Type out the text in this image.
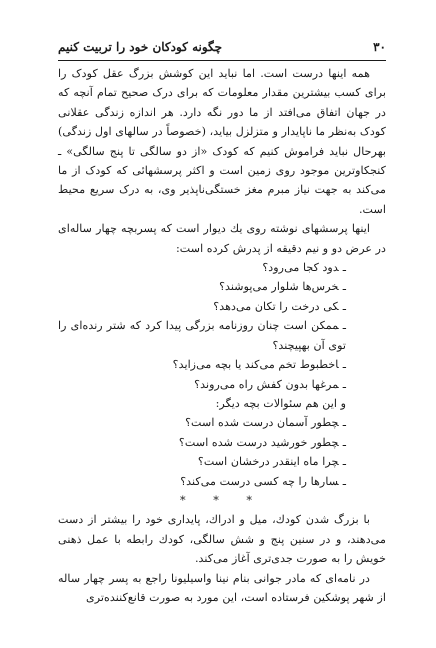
۳۰
چگونه کودکان خود را تربیت کنیم

همه اینها درست است. اما نباید این کوشش بزرگ عقل کودک را برای کسب بیشترین مقدار معلومات که برای درک صحیح تمام آنچه که در جهان اتفاق می‌افتد از ما دور نگه دارد. هر اندازه زندگی عقلانی کودک به‌نظر ما ناپایدار و متزلزل بیاید، (خصوصاً در سالهای اول زندگی) بهرحال نباید فراموش کنیم که کودک «از دو سالگی تا پنج سالگی» ـ کنجکاوترین موجود روی زمین است و اکثر پرسشهائی که کودک از ما می‌کند به جهت نیاز مبرم مغز خستگی‌ناپذیر وی، به درک سریع محیط است.

اینها پرسشهای نوشته روی یك دیوار است که پسربچه چهار ساله‌ای در عرض دو و نیم دقیقه از پدرش کرده است:

ـدود کجا می‌رود؟

ـخرس‌ها شلوار می‌پوشند؟

ـکی درخت را تکان می‌دهد؟

ـممکن است چنان روزنامه بزرگی پیدا کرد که شتر رنده‌ای را توی آن بهپیچند؟

ـاخطبوط تخم می‌کند یا بچه می‌زاید؟

ـمرغها بدون کفش راه می‌روند؟

و این هم سئوالات بچه دیگر:

ـچطور آسمان درست شده است؟

ـچطور خورشید درست شده است؟

ـچرا ماه اینقدر درخشان است؟

ـسار‌ها را چه کسی درست می‌کند؟

* * *

با بزرگ شدن کودك، میل و ادراك، پایداری خود را بیشتر از دست می‌دهند، و در سنین پنج و شش سالگی، کودك رابطه با عمل ذهنی خویش را به صورت جدی‌تری آغاز می‌کند.

در نامه‌ای که مادر جوانی بنام نینا واسیلیونا راجع به پسر چهار ساله از شهر پوشکین فرستاده است، این مورد به صورت قانع‌کننده‌تری
